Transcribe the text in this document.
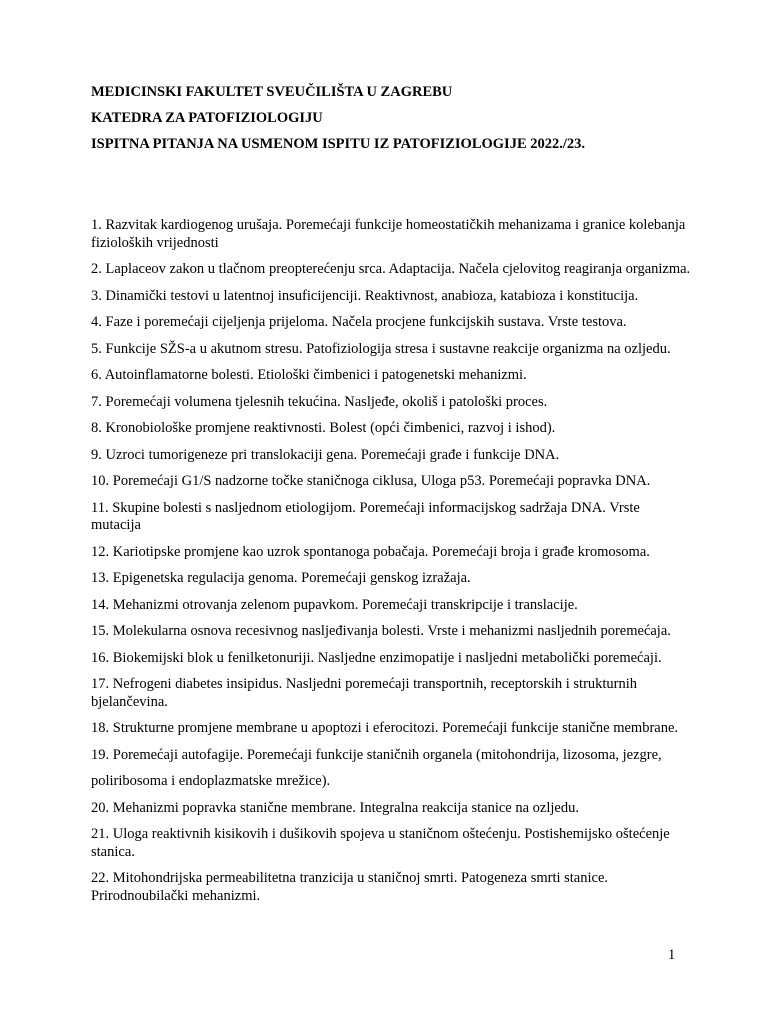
MEDICINSKI FAKULTET SVEUČILIŠTA U ZAGREBU
KATEDRA ZA PATOFIZIOLOGIJU
ISPITNA PITANJA NA USMENOM ISPITU IZ PATOFIZIOLOGIJE 2022./23.
1. Razvitak kardiogenog urušaja. Poremećaji funkcije homeostatičkih mehanizama i granice kolebanja fizioloških vrijednosti
2. Laplaceov zakon u tlačnom preopterećenju srca. Adaptacija. Načela cjelovitog reagiranja organizma.
3. Dinamički testovi u latentnoj insuficijenciji. Reaktivnost, anabioza, katabioza i konstitucija.
4. Faze i poremećaji cijeljenja prijeloma. Načela procjene funkcijskih sustava. Vrste testova.
5. Funkcije SŽS-a u akutnom stresu. Patofiziologija stresa i sustavne reakcije organizma na ozljedu.
6. Autoinflamatorne bolesti. Etiološki čimbenici i patogenetski mehanizmi.
7. Poremećaji volumena tjelesnih tekućina. Nasljeđe, okoliš i patološki proces.
8. Kronobiološke promjene reaktivnosti. Bolest (opći čimbenici, razvoj i ishod).
9. Uzroci tumorigeneze pri translokaciji gena. Poremećaji građe i funkcije DNA.
10. Poremećaji G1/S nadzorne točke staničnoga ciklusa, Uloga p53. Poremećaji popravka DNA.
11. Skupine bolesti s nasljednom etiologijom. Poremećaji informacijskog sadržaja DNA. Vrste mutacija
12. Kariotipske promjene kao uzrok spontanoga pobačaja. Poremećaji broja i građe kromosoma.
13. Epigenetska regulacija genoma. Poremećaji genskog izražaja.
14. Mehanizmi otrovanja zelenom pupavkom. Poremećaji transkripcije i translacije.
15. Molekularna osnova recesivnog nasljeđivanja bolesti. Vrste i mehanizmi nasljednih poremećaja.
16. Biokemijski blok u fenilketonuriji. Nasljedne enzimopatije i nasljedni metabolički poremećaji.
17. Nefrogeni diabetes insipidus. Nasljedni poremećaji transportnih, receptorskih i strukturnih bjelančevina.
18. Strukturne promjene membrane u apoptozi i eferocitozi. Poremećaji funkcije stanične membrane.
19. Poremećaji autofagije. Poremećaji funkcije staničnih organela (mitohondrija, lizosoma, jezgre,
poliribosoma i endoplazmatske mrežice).
20. Mehanizmi popravka stanične membrane. Integralna reakcija stanice na ozljedu.
21. Uloga reaktivnih kisikovih i dušikovih spojeva u staničnom oštećenju. Postishemijsko oštećenje stanica.
22. Mitohondrijska permeabilitetna tranzicija u staničnoj smrti. Patogeneza smrti stanice. Prirodnoubilački mehanizmi.
1
